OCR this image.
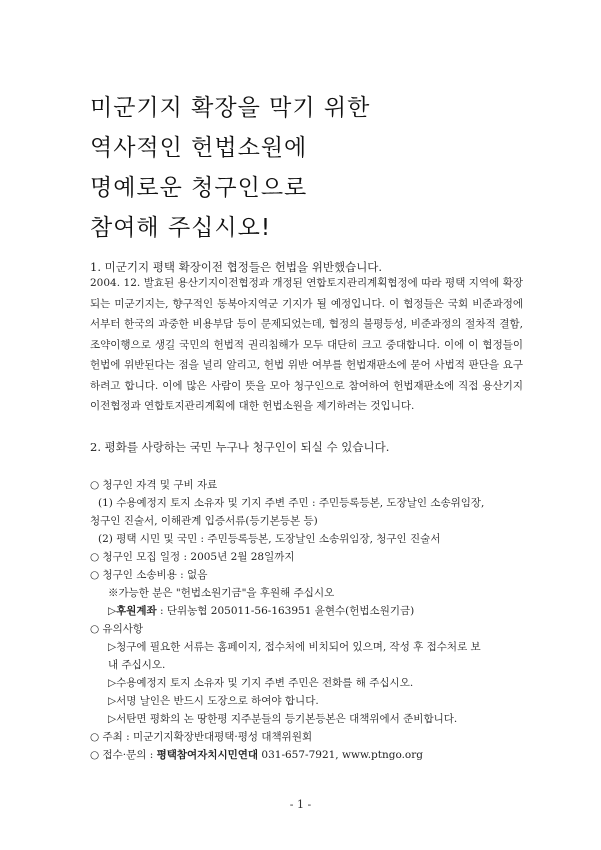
미군기지 확장을 막기 위한
역사적인 헌법소원에
명예로운 청구인으로
참여해 주십시오!
1. 미군기지 평택 확장이전 협정들은 헌법을 위반했습니다.
2004. 12. 발효된 용산기지이전협정과 개정된 연합토지관리계획협정에 따라 평택 지역에 확장되는 미군기지는, 향구적인 동북아지역군 기지가 될 예정입니다. 이 협정들은 국회 비준과정에서부터 한국의 과중한 비용부담 등이 문제되었는데, 협정의 불평등성, 비준과정의 절차적 결함, 조약이행으로 생길 국민의 헌법적 권리침해가 모두 대단히 크고 중대합니다. 이에 이 협정들이 헌법에 위반된다는 점을 널리 알리고, 헌법 위반 여부를 헌법재판소에 묻어 사법적 판단을 요구하려고 합니다. 이에 많은 사람이 뜻을 모아 청구인으로 참여하여 헌법재판소에 직접 용산기지이전협정과 연합토지관리계획에 대한 헌법소원을 제기하려는 것입니다.
2. 평화를 사랑하는 국민 누구나 청구인이 되실 수 있습니다.
○ 청구인 자격 및 구비 자료
(1) 수용예정지 토지 소유자 및 기지 주변 주민 : 주민등록등본, 도장날인 소송위임장,
청구인 진술서, 이해관계 입증서류(등기본등본 등)
(2) 평택 시민 및 국민 : 주민등록등본, 도장날인 소송위임장, 청구인 진술서
○ 청구인 모집 일정 : 2005년 2월 28일까지
○ 청구인 소송비용 : 없음
※가능한 분은 "헌법소원기금"을 후원해 주십시오
▷후원계좌 : 단위농협 205011-56-163951 윤현수(헌법소원기금)
○ 유의사항
▷청구에 필요한 서류는 홈페이지, 접수처에 비치되어 있으며, 작성 후 접수처로 보
내 주십시오.
▷수용예정지 토지 소유자 및 기지 주변 주민은 전화를 해 주십시오.
▷서명 날인은 반드시 도장으로 하여야 합니다.
▷서탄면 평화의 논 땅한평 지주분들의 등기본등본은 대책위에서 준비합니다.
○ 주최 : 미군기지확장반대평택·평성 대책위원회
○ 접수·문의 : 평택참여자치시민연대 031-657-7921, www.ptngo.org
- 1 -
